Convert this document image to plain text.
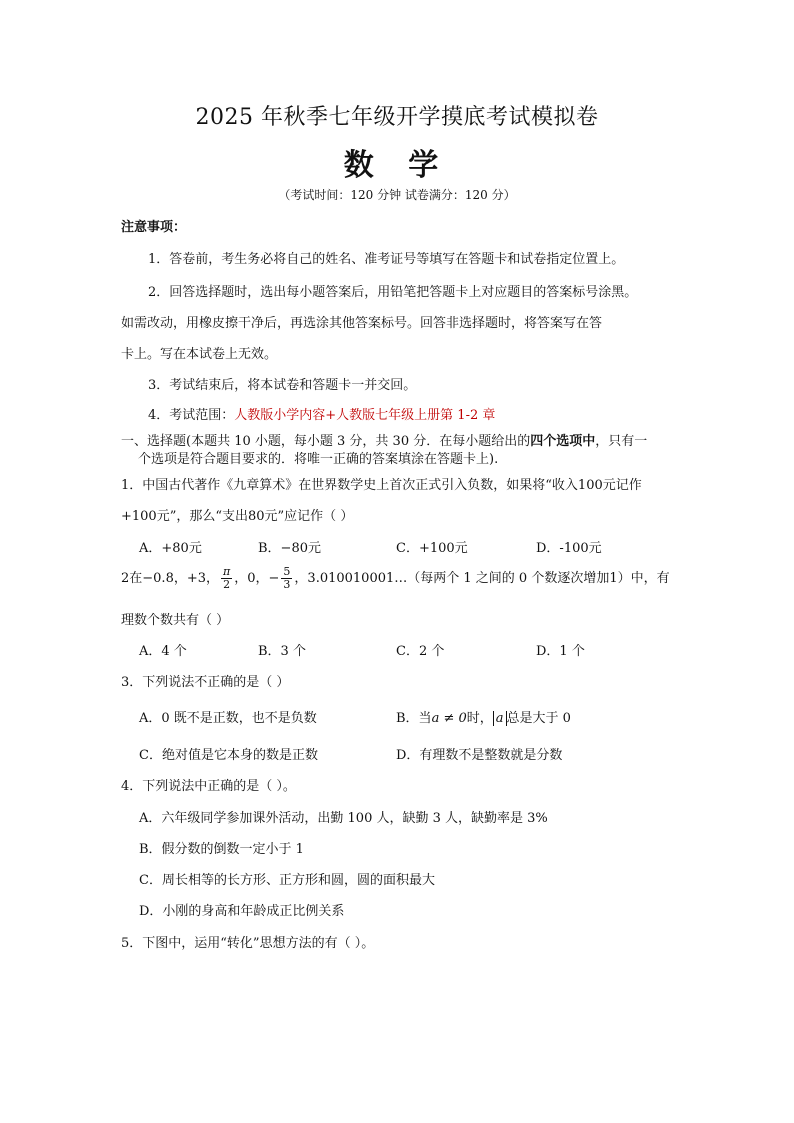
2025 年秋季七年级开学摸底考试模拟卷
数 学
（考试时间：120 分钟 试卷满分：120 分）
注意事项：
1．答卷前，考生务必将自己的姓名、准考证号等填写在答题卡和试卷指定位置上。
2．回答选择题时，选出每小题答案后，用铅笔把答题卡上对应题目的答案标号涂黑。
如需改动，用橡皮擦干净后，再选涂其他答案标号。回答非选择题时，将答案写在答
卡上。写在本试卷上无效。
3．考试结束后，将本试卷和答题卡一并交回。
4．考试范围：人教版小学内容+人教版七年级上册第 1-2 章
一、选择题(本题共 10 小题，每小题 3 分，共 30 分．在每小题给出的四个选项中，只有一
个选项是符合题目要求的．将唯一正确的答案填涂在答题卡上).
1．中国古代著作《九章算术》在世界数学史上首次正式引入负数，如果将“收入100元记作
+100元”，那么“支出80元”应记作（ ）
A．+80元	B．−80元	C．+100元	D．-100元
2在−0.8，+3， $\frac{\pi}{2}$ ，0，− $\frac{5}{3}$ ，3.010010001…（每两个 1 之间的 0 个数逐次增加1）中，有
理数个数共有（ ）
A．4 个	B．3 个	C．2 个	D．1 个
3．下列说法不正确的是（ ）
A．0 既不是正数，也不是负数	B．当a ≠ 0时， a 总是大于 0
C．绝对值是它本身的数是正数	D．有理数不是整数就是分数
4．下列说法中正确的是（ ）。
A．六年级同学参加课外活动，出勤 100 人，缺勤 3 人，缺勤率是 3%
B．假分数的倒数一定小于 1
C．周长相等的长方形、正方形和圆，圆的面积最大
D．小刚的身高和年龄成正比例关系
5．下图中，运用“转化”思想方法的有（ ）。
